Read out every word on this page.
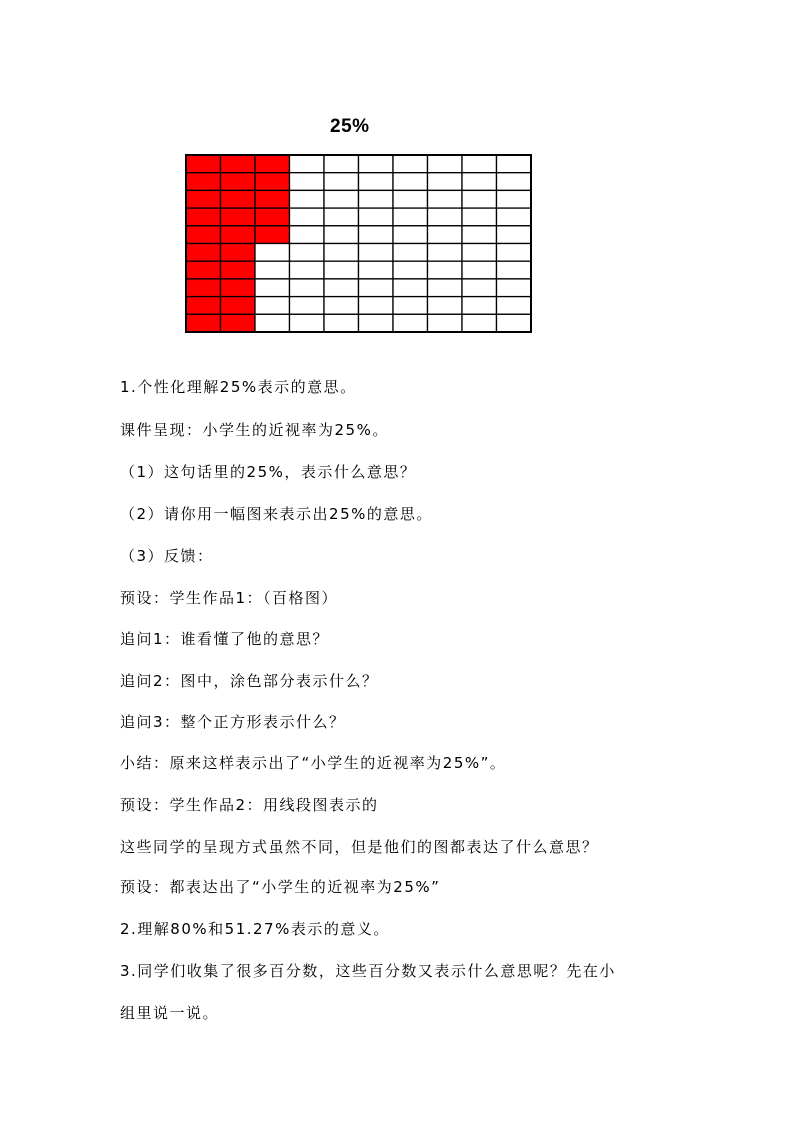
25%
1.个性化理解25%表示的意思。
课件呈现：小学生的近视率为25%。
（1）这句话里的25%，表示什么意思？
（2）请你用一幅图来表示出25%的意思。
（3）反馈：
预设：学生作品1：（百格图）
追问1：谁看懂了他的意思？
追问2：图中，涂色部分表示什么？
追问3：整个正方形表示什么？
小结：原来这样表示出了“小学生的近视率为25%”。
预设：学生作品2：用线段图表示的
这些同学的呈现方式虽然不同，但是他们的图都表达了什么意思？
预设：都表达出了“小学生的近视率为25%”
2.理解80%和51.27%表示的意义。
3.同学们收集了很多百分数，这些百分数又表示什么意思呢？先在小
组里说一说。
